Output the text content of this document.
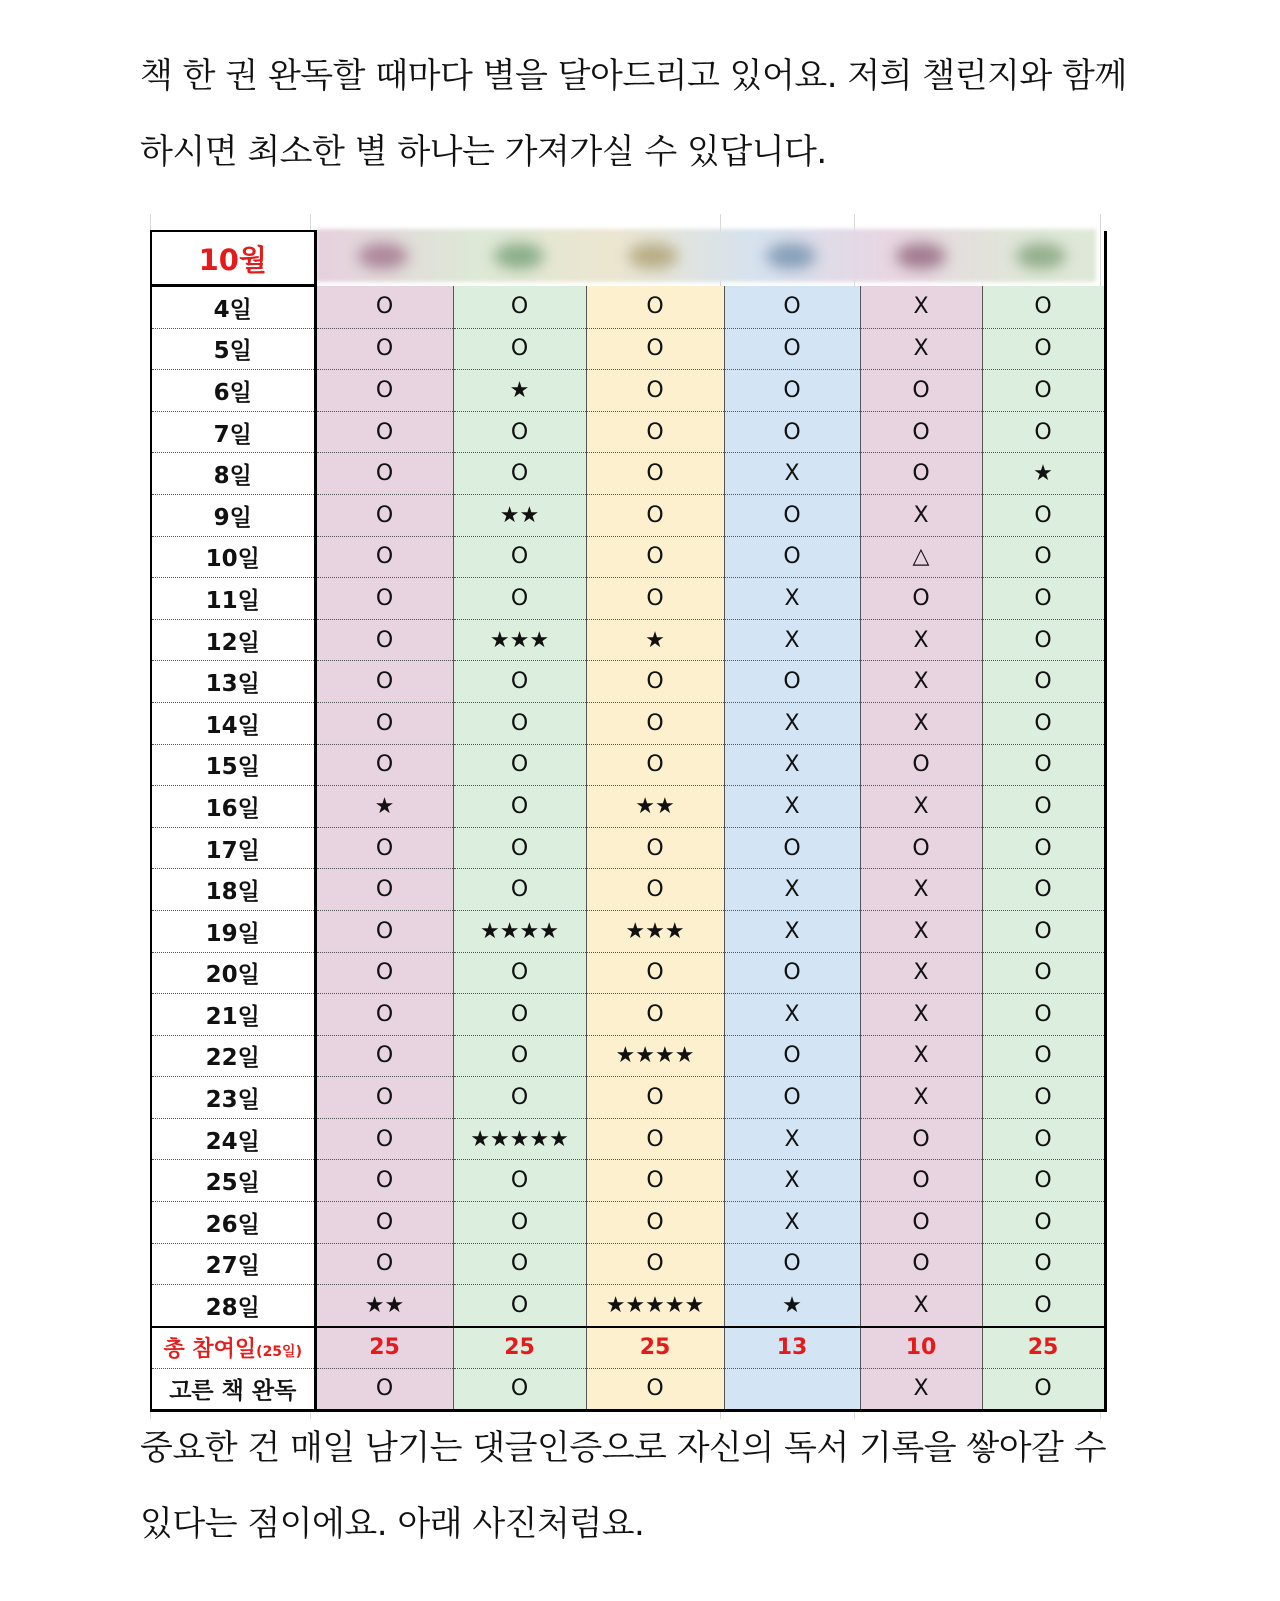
책 한 권 완독할 때마다 별을 달아드리고 있어요. 저희 챌린지와 함께 하시면 최소한 별 하나는 가져가실 수 있답니다.

10월						
4일	O	O	O	O	X	O
5일	O	O	O	O	X	O
6일	O	★	O	O	O	O
7일	O	O	O	O	O	O
8일	O	O	O	X	O	★
9일	O	★★	O	O	X	O
10일	O	O	O	O	△	O
11일	O	O	O	X	O	O
12일	O	★★★	★	X	X	O
13일	O	O	O	O	X	O
14일	O	O	O	X	X	O
15일	O	O	O	X	O	O
16일	★	O	★★	X	X	O
17일	O	O	O	O	O	O
18일	O	O	O	X	X	O
19일	O	★★★★	★★★	X	X	O
20일	O	O	O	O	X	O
21일	O	O	O	X	X	O
22일	O	O	★★★★	O	X	O
23일	O	O	O	O	X	O
24일	O	★★★★★	O	X	O	O
25일	O	O	O	X	O	O
26일	O	O	O	X	O	O
27일	O	O	O	O	O	O
28일	★★	O	★★★★★	★	X	O
총 참여일(25일)	25	25	25	13	10	25
고른 책 완독	O	O	O		X	O

중요한 건 매일 남기는 댓글인증으로 자신의 독서 기록을 쌓아갈 수 있다는 점이에요. 아래 사진처럼요.
